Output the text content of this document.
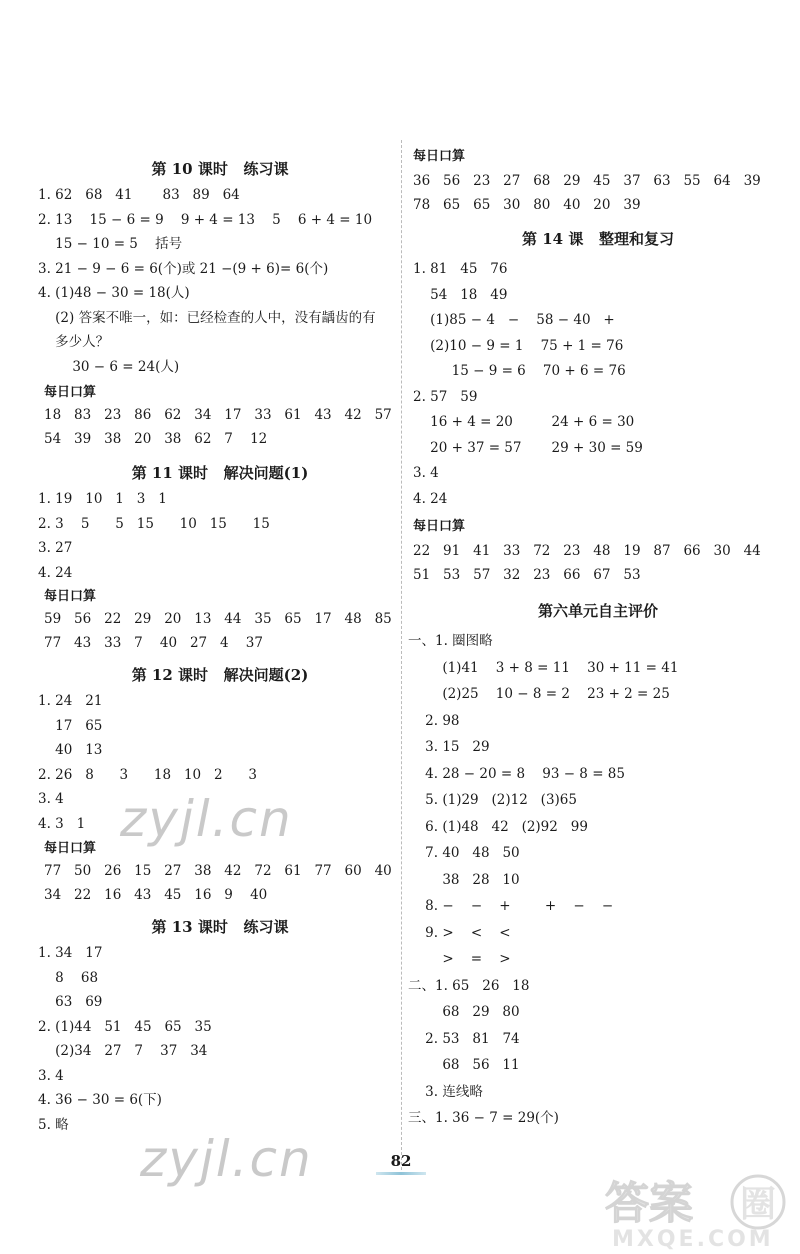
第 10 课时   练习课
1. 62   68   41       83   89   64
2. 13    15 − 6 = 9    9 + 4 = 13    5    6 + 4 = 10
15 − 10 = 5    括号
3. 21 − 9 − 6 = 6(个)或 21 −(9 + 6)= 6(个)
4. (1)48 − 30 = 18(人)
(2) 答案不唯一，如：已经检查的人中，没有龋齿的有
多少人？
30 − 6 = 24(人)
每日口算
18   83   23   86   62   34   17   33   61   43   42   57
54   39   38   20   38   62   7    12
第 11 课时   解决问题(1)
1. 19   10   1   3   1
2. 3    5      5   15      10   15      15
3. 27
4. 24
每日口算
59   56   22   29   20   13   44   35   65   17   48   85
77   43   33   7    40   27   4    37
第 12 课时   解决问题(2)
1. 24   21
17   65
40   13
2. 26   8      3      18   10   2      3
3. 4
4. 3   1
每日口算
77   50   26   15   27   38   42   72   61   77   60   40
34   22   16   43   45   16   9    40
第 13 课时   练习课
1. 34   17
8    68
63   69
2. (1)44   51   45   65   35
(2)34   27   7    37   34
3. 4
4. 36 − 30 = 6(下)
5. 略
每日口算
36   56   23   27   68   29   45   37   63   55   64   39
78   65   65   30   80   40   20   39
第 14 课   整理和复习
1. 81   45   76
54   18   49
(1)85 − 4   −    58 − 40   +
(2)10 − 9 = 1    75 + 1 = 76
15 − 9 = 6    70 + 6 = 76
2. 57   59
16 + 4 = 20         24 + 6 = 30
20 + 37 = 57       29 + 30 = 59
3. 4
4. 24
每日口算
22   91   41   33   72   23   48   19   87   66   30   44
51   53   57   32   23   66   67   53
第六单元自主评价
一、1. 圈图略
(1)41    3 + 8 = 11    30 + 11 = 41
(2)25    10 − 8 = 2    23 + 2 = 25
2. 98
3. 15   29
4. 28 − 20 = 8    93 − 8 = 85
5. (1)29   (2)12   (3)65
6. (1)48   42   (2)92   99
7. 40   48   50
38   28   10
8. −    −    +        +    −    −
9. >    <    <
>    =    >
二、1. 65   26   18
68   29   80
2. 53   81   74
68   56   11
3. 连线略
三、1. 36 − 7 = 29(个)
82
zyjl.cn
zyjl.cn
答案 圈
MXQE.COM
